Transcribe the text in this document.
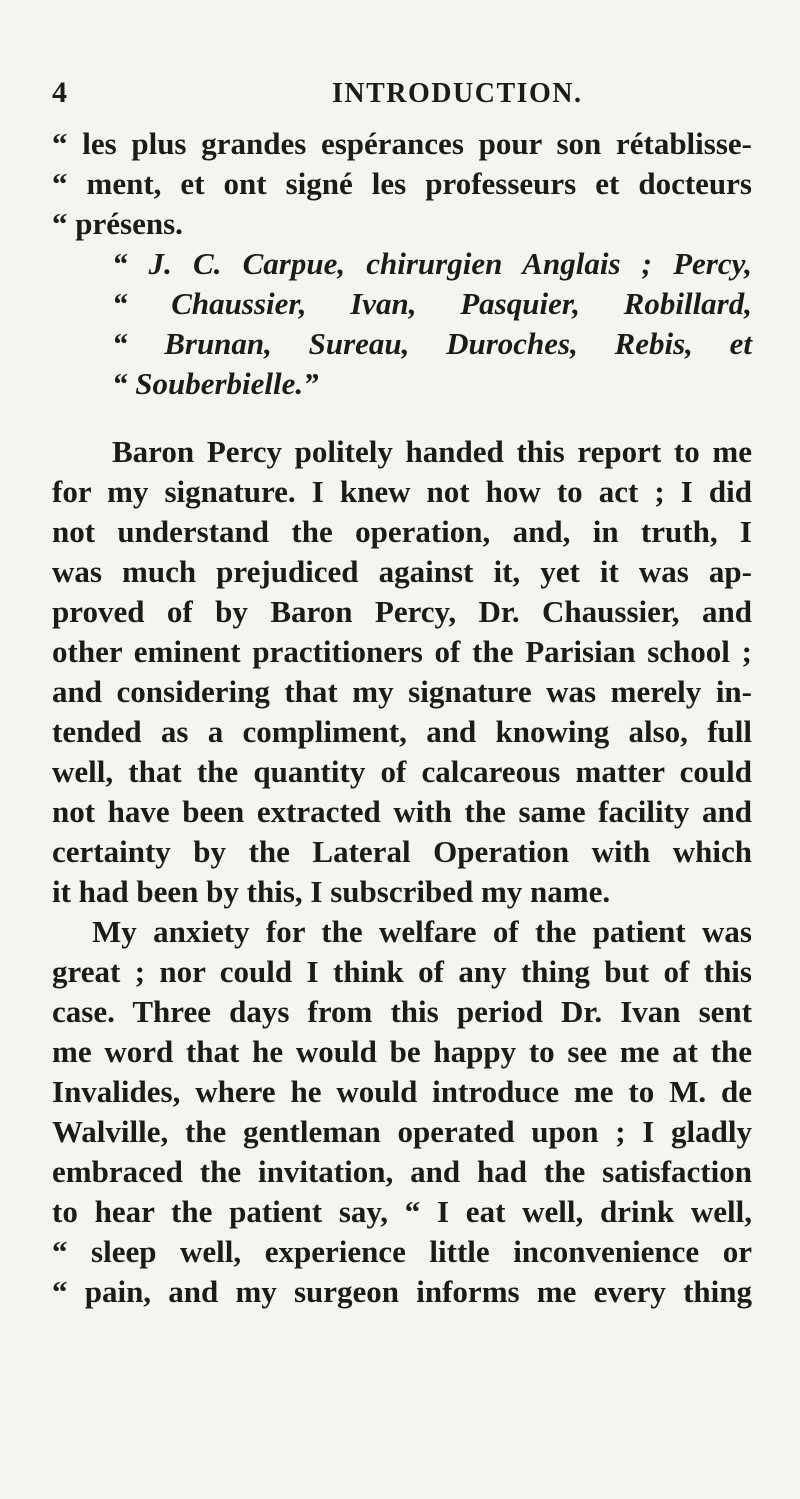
4	INTRODUCTION.
“ les plus grandes espérances pour son rétablisse-
“ ment, et ont signé les professeurs et docteurs
“ présens.
“ J. C. Carpue, chirurgien Anglais ; Percy,
“ Chaussier, Ivan, Pasquier, Robillard,
“ Brunan, Sureau, Duroches, Rebis, et
“ Souberbielle.”
Baron Percy politely handed this report to me
for my signature. I knew not how to act ; I did
not understand the operation, and, in truth, I
was much prejudiced against it, yet it was ap-
proved of by Baron Percy, Dr. Chaussier, and
other eminent practitioners of the Parisian school ;
and considering that my signature was merely in-
tended as a compliment, and knowing also, full
well, that the quantity of calcareous matter could
not have been extracted with the same facility and
certainty by the Lateral Operation with which
it had been by this, I subscribed my name.
My anxiety for the welfare of the patient was
great ; nor could I think of any thing but of this
case. Three days from this period Dr. Ivan sent
me word that he would be happy to see me at the
Invalides, where he would introduce me to M. de
Walville, the gentleman operated upon ; I gladly
embraced the invitation, and had the satisfaction
to hear the patient say, “ I eat well, drink well,
“ sleep well, experience little inconvenience or
“ pain, and my surgeon informs me every thing
